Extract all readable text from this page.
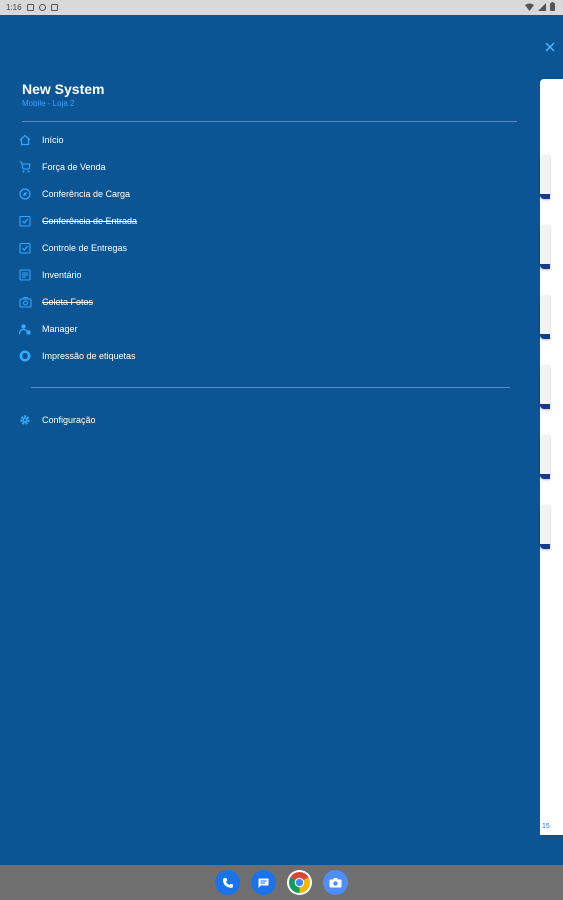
1:16
15
New System
Mobile - Loja 2
Início
Força de Venda
Conferência de Carga
Conferência de Entrada
Controle de Entregas
Inventário
Coleta Fotos
Manager
Impressão de etiquetas
Configuração
